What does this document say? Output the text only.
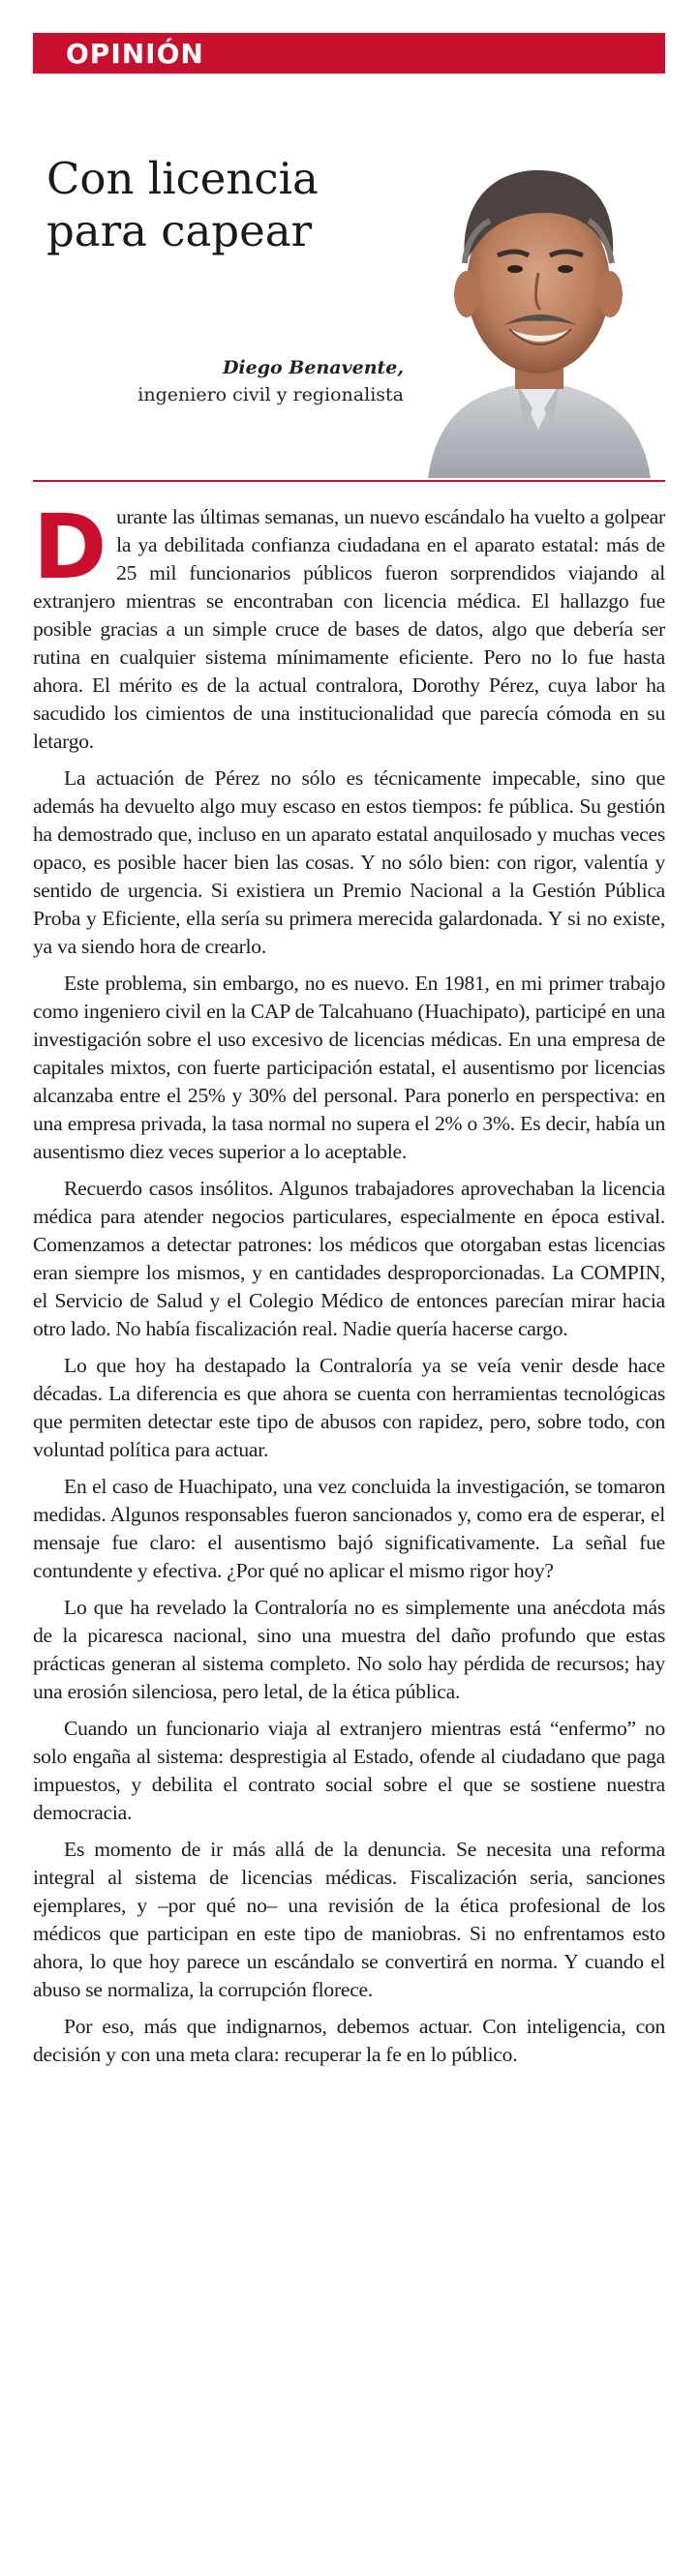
OPINIÓN
Con licencia para capear
Diego Benavente,
ingeniero civil y regionalista

Durante las últimas semanas, un nuevo escándalo ha vuelto a golpear la ya debilitada confianza ciudadana en el aparato estatal: más de 25 mil funcionarios públicos fueron sorprendidos viajando al extranjero mientras se encontraban con licencia médica. El hallazgo fue posible gracias a un simple cruce de bases de datos, algo que debería ser rutina en cualquier sistema mínimamente eficiente. Pero no lo fue hasta ahora. El mérito es de la actual contralora, Dorothy Pérez, cuya labor ha sacudido los cimientos de una institucionalidad que parecía cómoda en su letargo.

La actuación de Pérez no sólo es técnicamente impecable, sino que además ha devuelto algo muy escaso en estos tiempos: fe pública. Su gestión ha demostrado que, incluso en un aparato estatal anquilosado y muchas veces opaco, es posible hacer bien las cosas. Y no sólo bien: con rigor, valentía y sentido de urgencia. Si existiera un Premio Nacional a la Gestión Pública Proba y Eficiente, ella sería su primera merecida galardonada. Y si no existe, ya va siendo hora de crearlo.

Este problema, sin embargo, no es nuevo. En 1981, en mi primer trabajo como ingeniero civil en la CAP de Talcahuano (Huachipato), participé en una investigación sobre el uso excesivo de licencias médicas. En una empresa de capitales mixtos, con fuerte participación estatal, el ausentismo por licencias alcanzaba entre el 25% y 30% del personal. Para ponerlo en perspectiva: en una empresa privada, la tasa normal no supera el 2% o 3%. Es decir, había un ausentismo diez veces superior a lo aceptable.

Recuerdo casos insólitos. Algunos trabajadores aprovechaban la licencia médica para atender negocios particulares, especialmente en época estival. Comenzamos a detectar patrones: los médicos que otorgaban estas licencias eran siempre los mismos, y en cantidades desproporcionadas. La COMPIN, el Servicio de Salud y el Colegio Médico de entonces parecían mirar hacia otro lado. No había fiscalización real. Nadie quería hacerse cargo.

Lo que hoy ha destapado la Contraloría ya se veía venir desde hace décadas. La diferencia es que ahora se cuenta con herramientas tecnológicas que permiten detectar este tipo de abusos con rapidez, pero, sobre todo, con voluntad política para actuar.

En el caso de Huachipato, una vez concluida la investigación, se tomaron medidas. Algunos responsables fueron sancionados y, como era de esperar, el mensaje fue claro: el ausentismo bajó significativamente. La señal fue contundente y efectiva. ¿Por qué no aplicar el mismo rigor hoy?

Lo que ha revelado la Contraloría no es simplemente una anécdota más de la picaresca nacional, sino una muestra del daño profundo que estas prácticas generan al sistema completo. No solo hay pérdida de recursos; hay una erosión silenciosa, pero letal, de la ética pública.

Cuando un funcionario viaja al extranjero mientras está “enfermo” no solo engaña al sistema: desprestigia al Estado, ofende al ciudadano que paga impuestos, y debilita el contrato social sobre el que se sostiene nuestra democracia.

Es momento de ir más allá de la denuncia. Se necesita una reforma integral al sistema de licencias médicas. Fiscalización seria, sanciones ejemplares, y –por qué no– una revisión de la ética profesional de los médicos que participan en este tipo de maniobras. Si no enfrentamos esto ahora, lo que hoy parece un escándalo se convertirá en norma. Y cuando el abuso se normaliza, la corrupción florece.

Por eso, más que indignarnos, debemos actuar. Con inteligencia, con decisión y con una meta clara: recuperar la fe en lo público.
